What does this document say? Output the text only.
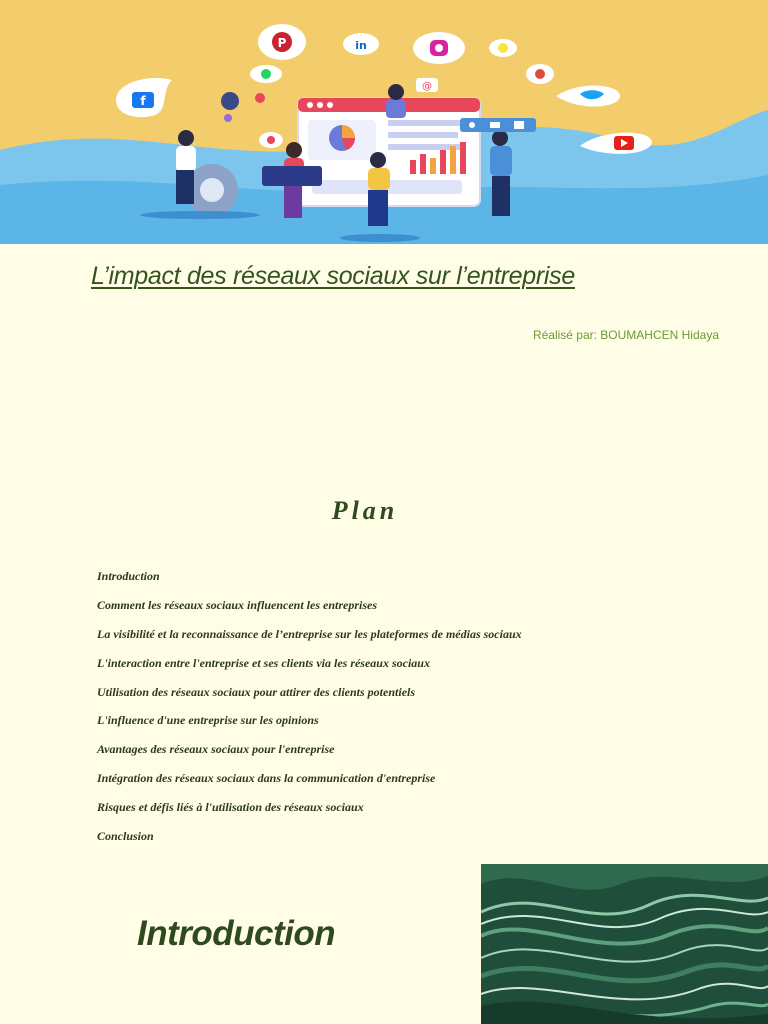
P	in
f
@
L’impact des réseaux sociaux sur l’entreprise
Réalisé par: BOUMAHCEN Hidaya
Plan
Introduction
Comment les réseaux sociaux influencent les entreprises
La visibilité et la reconnaissance de l’entreprise sur les plateformes de médias sociaux
L'interaction entre l'entreprise et ses clients via les réseaux sociaux
Utilisation des réseaux sociaux pour attirer des clients potentiels
L'influence d'une entreprise sur les opinions
Avantages des réseaux sociaux pour l'entreprise
Intégration des réseaux sociaux dans la communication d'entreprise
Risques et défis liés à l'utilisation des réseaux sociaux
Conclusion
Introduction
